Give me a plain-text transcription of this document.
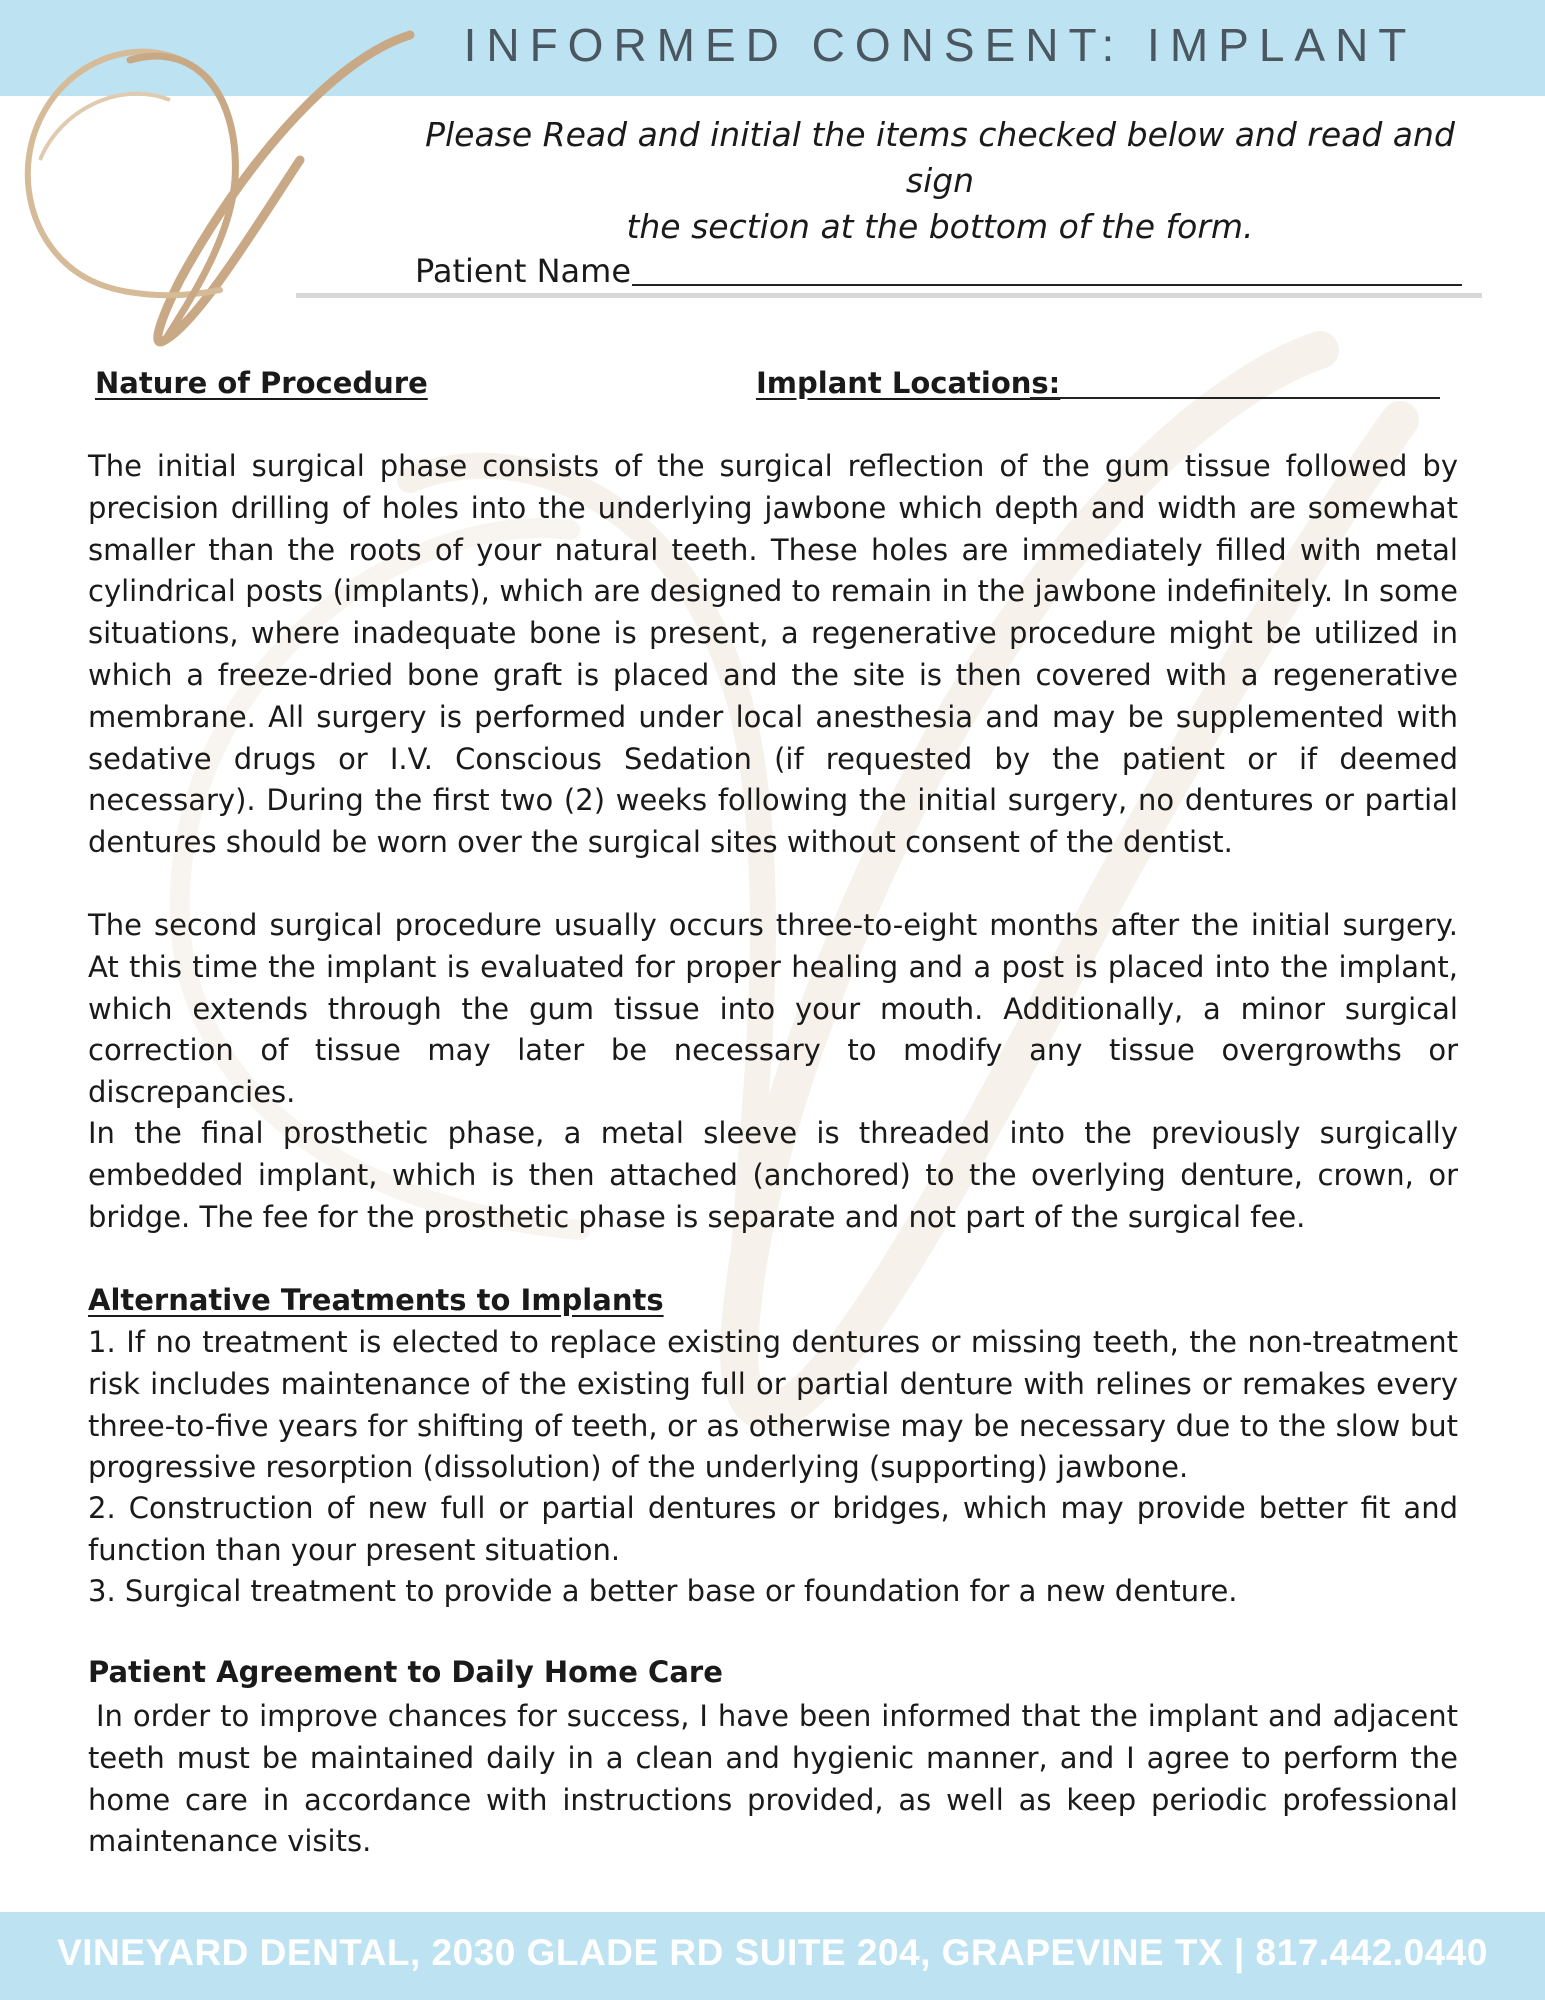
INFORMED CONSENT: IMPLANT
Please Read and initial the items checked below and read and sign
the section at the bottom of the form.
Patient Name
Nature of Procedure	Implant Locations:

The initial surgical phase consists of the surgical reflection of the gum tissue followed by precision drilling of holes into the underlying jawbone which depth and width are somewhat smaller than the roots of your natural teeth. These holes are immediately filled with metal cylindrical posts (implants), which are designed to remain in the jawbone indefinitely. In some situations, where inadequate bone is present, a regenerative procedure might be utilized in which a freeze-dried bone graft is placed and the site is then covered with a regenerative membrane. All surgery is performed under local anesthesia and may be supplemented with sedative drugs or I.V. Conscious Sedation (if requested by the patient or if deemed necessary). During the first two (2) weeks following the initial surgery, no dentures or partial dentures should be worn over the surgical sites without consent of the dentist.

The second surgical procedure usually occurs three-to-eight months after the initial surgery. At this time the implant is evaluated for proper healing and a post is placed into the implant, which extends through the gum tissue into your mouth. Additionally, a minor surgical correction of tissue may later be necessary to modify any tissue overgrowths or discrepancies.

In the final prosthetic phase, a metal sleeve is threaded into the previously surgically embedded implant, which is then attached (anchored) to the overlying denture, crown, or bridge. The fee for the prosthetic phase is separate and not part of the surgical fee.

Alternative Treatments to Implants

1. If no treatment is elected to replace existing dentures or missing teeth, the non-treatment risk includes maintenance of the existing full or partial denture with relines or remakes every three-to-five years for shifting of teeth, or as otherwise may be necessary due to the slow but progressive resorption (dissolution) of the underlying (supporting) jawbone.

2. Construction of new full or partial dentures or bridges, which may provide better fit and function than your present situation.

3. Surgical treatment to provide a better base or foundation for a new denture.

Patient Agreement to Daily Home Care

In order to improve chances for success, I have been informed that the implant and adjacent teeth must be maintained daily in a clean and hygienic manner, and I agree to perform the home care in accordance with instructions provided, as well as keep periodic professional maintenance visits.

VINEYARD DENTAL, 2030 GLADE RD SUITE 204, GRAPEVINE TX | 817.442.0440
